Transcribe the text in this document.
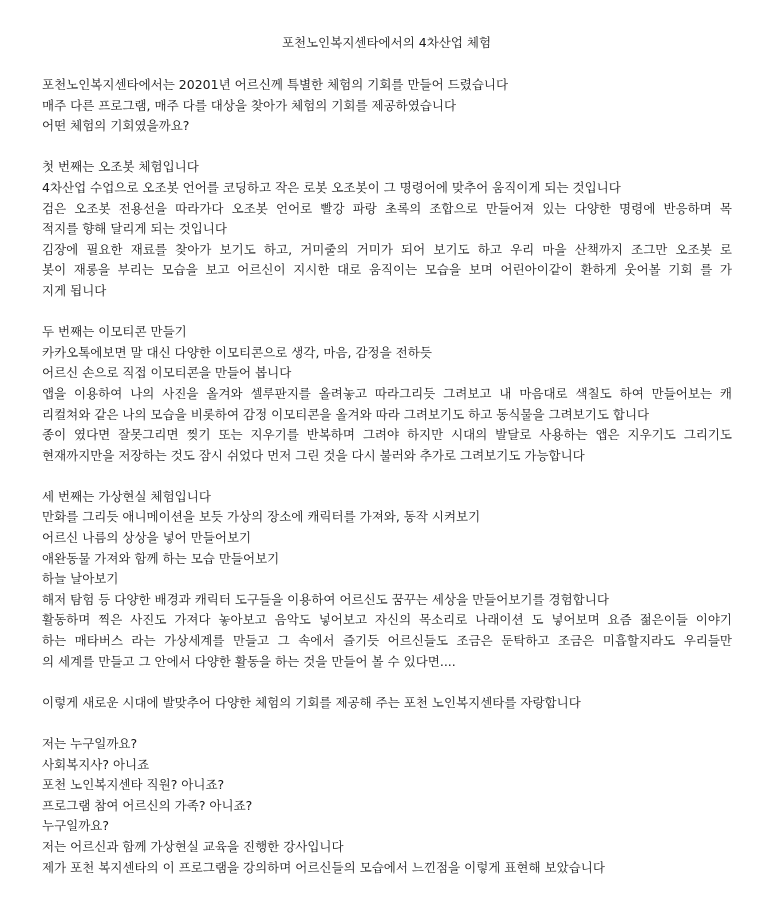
포천노인복지센타에서의 4차산업 체험
포천노인복지센타에서는 20201년 어르신께 특별한 체험의 기회를 만들어 드렸습니다
매주 다른 프로그램, 매주 다를 대상을 찾아가 체험의 기회를 제공하였습니다
어떤 체험의 기회였을까요?
첫 번째는 오조봇 체험입니다
4차산업 수업으로 오조봇 언어를 코딩하고 작은 로봇 오조봇이 그 명령어에 맞추어 움직이게 되는 것입니다
검은 오조봇 전용선을 따라가다 오조봇 언어로 빨강 파랑 초록의 조합으로 만들어져 있는 다양한 명령에 반응하며 목
적지를 향해 달리게 되는 것입니다
김장에 필요한 재료를 찾아가 보기도 하고, 거미줄의 거미가 되어 보기도 하고 우리 마을 산책까지 조그만 오조봇 로
봇이 재롱을 부리는 모습을 보고 어르신이 지시한 대로 움직이는 모습을 보며 어린아이같이 환하게 웃어볼 기회 를 가
지게 됩니다
두 번째는 이모티콘 만들기
카카오톡에보면 말 대신 다양한 이모티콘으로 생각, 마음, 감정을 전하듯
어르신 손으로 직접 이모티콘을 만들어 봅니다
앱을 이용하여 나의 사진을 올겨와 셀루판지를 올려놓고 따라그리듯 그려보고 내 마음대로 색칠도 하여 만들어보는 캐
리컬쳐와 같은 나의 모습을 비롯하여 감정 이모티콘을 올겨와 따라 그려보기도 하고 동식물을 그려보기도 합니다
종이 였다면 잘못그리면 찢기 또는 지우기를 반복하며 그려야 하지만 시대의 발달로 사용하는 앱은 지우기도 그리기도
현재까지만을 저장하는 것도 잠시 쉬었다 먼저 그린 것을 다시 불러와 추가로 그려보기도 가능합니다
세 번째는 가상현실 체험입니다
만화를 그리듯 애니메이션을 보듯 가상의 장소에 캐릭터를 가져와, 동작 시켜보기
어르신 나름의 상상을 넣어 만들어보기
애완동물 가져와 함께 하는 모습 만들어보기
하늘 날아보기
해저 탐험 등 다양한 배경과 캐릭터 도구들을 이용하여 어르신도 꿈꾸는 세상을 만들어보기를 경험합니다
활동하며 찍은 사진도 가져다 놓아보고 음악도 넣어보고 자신의 목소리로 나래이션 도 넣어보며 요즘 젊은이들 이야기
하는 매타버스 라는 가상세계를 만들고 그 속에서 즐기듯 어르신들도 조금은 둔탁하고 조금은 미흡할지라도 우리들만
의 세계를 만들고 그 안에서 다양한 활동을 하는 것을 만들어 볼 수 있다면....
이렇게 새로운 시대에 발맞추어 다양한 체험의 기회를 제공해 주는 포천 노인복지센타를 자랑합니다
저는 누구일까요?
사회복지사? 아니죠
포천 노인복지센타 직원? 아니죠?
프로그램 참여 어르신의 가족? 아니죠?
누구일까요?
저는 어르신과 함께 가상현실 교육을 진행한 강사입니다
제가 포천 복지센타의 이 프로그램을 강의하며 어르신들의 모습에서 느낀점을 이렇게 표현해 보았습니다
